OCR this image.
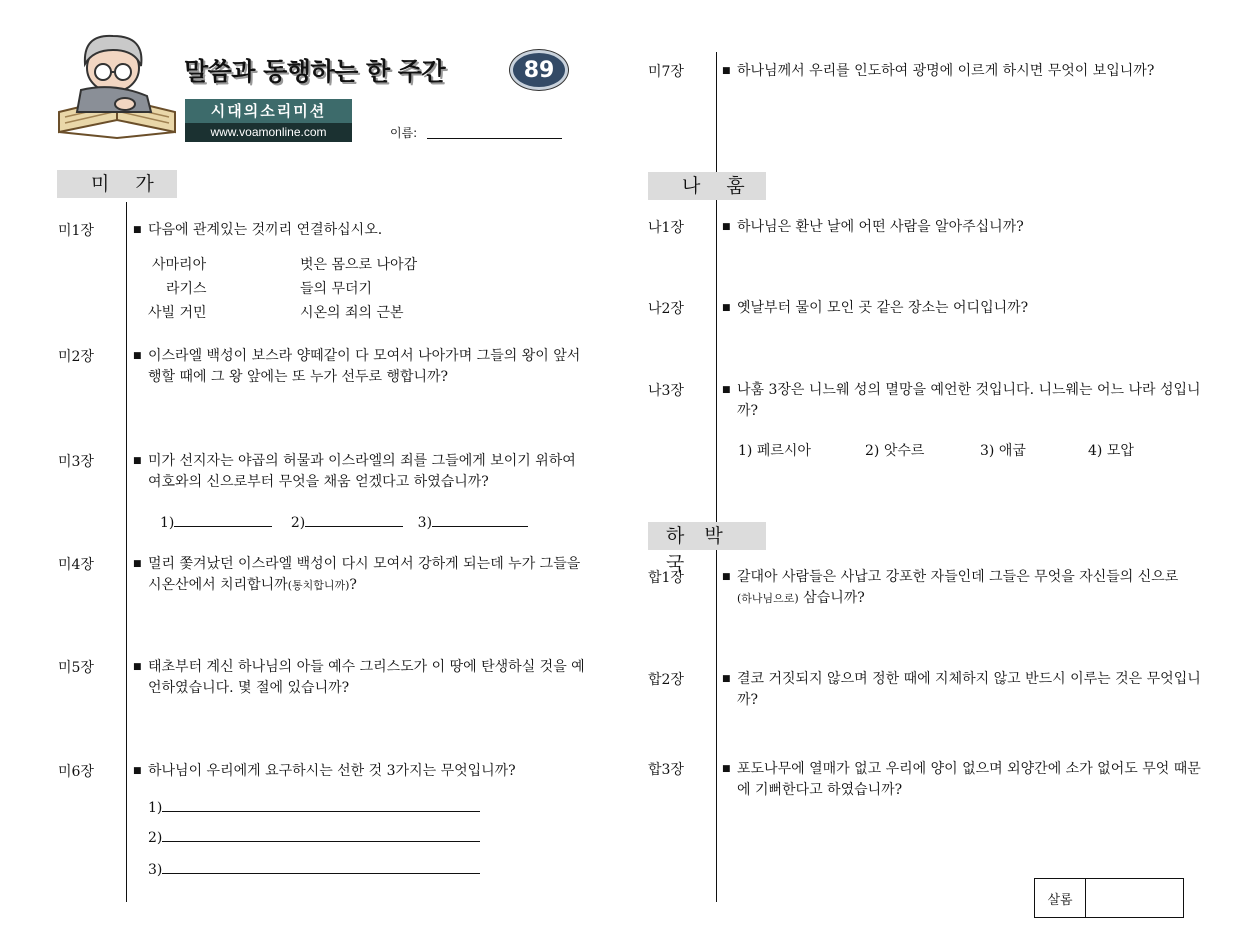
말씀과 동행하는 한 주간	89
시대의소리미션
www.voamonline.com	이름:
미 가
미1장	■ 다음에 관계있는 것끼리 연결하십시오.
사마리아	벗은 몸으로 나아감
라기스	들의 무더기
사빌 거민	시온의 죄의 근본
미2장	■ 이스라엘 백성이 보스라 양떼같이 다 모여서 나아가며 그들의 왕이 앞서 행할 때에 그 왕 앞에는 또 누가 선두로 행합니까?
미3장	■ 미가 선지자는 야곱의 허물과 이스라엘의 죄를 그들에게 보이기 위하여 여호와의 신으로부터 무엇을 채움 얻겠다고 하였습니까?
1)	2)	3)
미4장	■ 멀리 쫓겨났던 이스라엘 백성이 다시 모여서 강하게 되는데 누가 그들을 시온산에서 치리합니까(통치합니까)?
미5장	■ 태초부터 계신 하나님의 아들 예수 그리스도가 이 땅에 탄생하실 것을 예언하였습니다. 몇 절에 있습니까?
미6장	■ 하나님이 우리에게 요구하시는 선한 것 3가지는 무엇입니까?
1)
2)
3)
미7장	■ 하나님께서 우리를 인도하여 광명에 이르게 하시면 무엇이 보입니까?
나 훔
나1장	■ 하나님은 환난 날에 어떤 사람을 알아주십니까?
나2장	■ 옛날부터 물이 모인 곳 같은 장소는 어디입니까?
나3장	■ 나훔 3장은 니느웨 성의 멸망을 예언한 것입니다. 니느웨는 어느 나라 성입니까?
1) 페르시아	2) 앗수르	3) 애굽	4) 모압
하 박 국
합1장	■ 갈대아 사람들은 사납고 강포한 자들인데 그들은 무엇을 자신들의 신으로(하나님으로) 삼습니까?
합2장	■ 결코 거짓되지 않으며 정한 때에 지체하지 않고 반드시 이루는 것은 무엇입니까?
합3장	■ 포도나무에 열매가 없고 우리에 양이 없으며 외양간에 소가 없어도 무엇 때문에 기뻐한다고 하였습니까?
살롬
